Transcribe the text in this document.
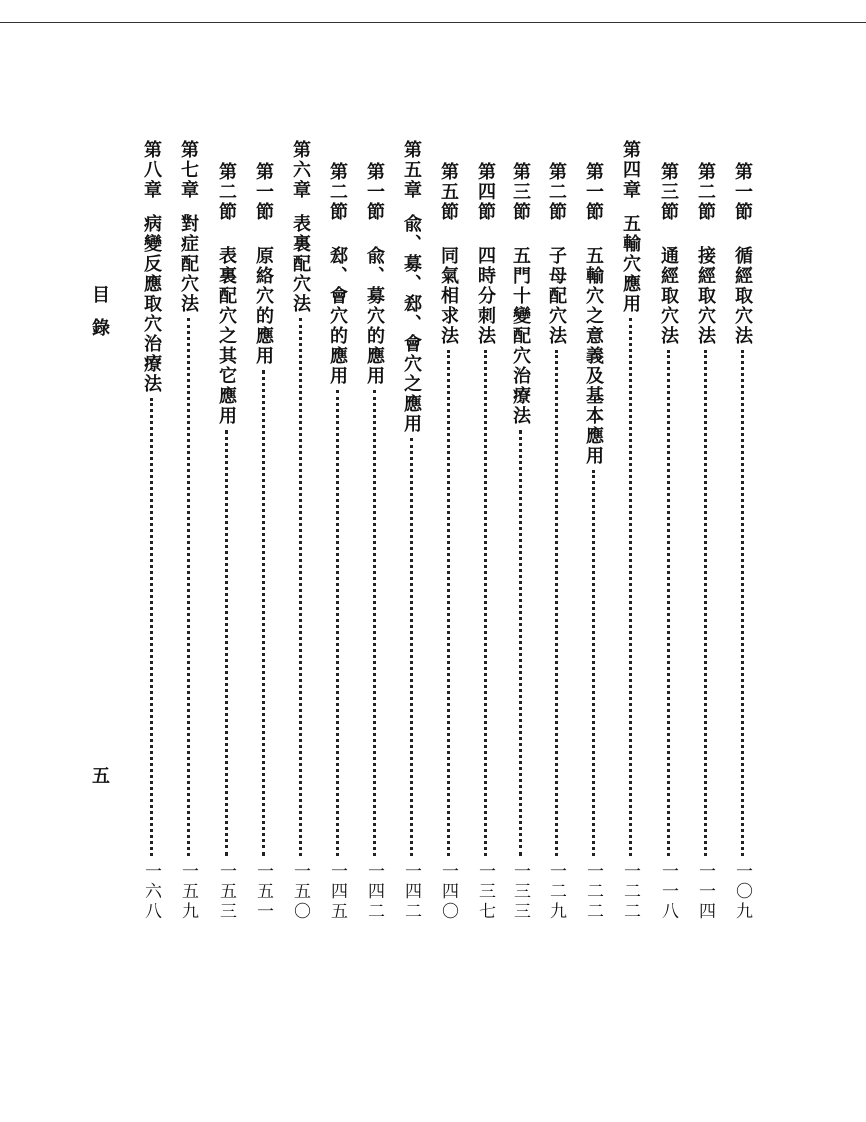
目
錄
五
第一節
循經取穴法
一〇九
第二節
接經取穴法
一一四
第三節
通經取穴法
一一八
第四章
五輸穴應用
一二二
第一節
五輸穴之意義及基本應用
一二二
第二節
子母配穴法
一二九
第三節
五門十變配穴治療法
一三三
第四節
四時分刺法
一三七
第五節
同氣相求法
一四〇
第五章
兪、募、郄、會穴之應用
一四二
第一節
兪、募穴的應用
一四二
第二節
郄、會穴的應用
一四五
第六章
表裏配穴法
一五〇
第一節
原絡穴的應用
一五一
第二節
表裏配穴之其它應用
一五三
第七章
對症配穴法
一五九
第八章
病變反應取穴治療法
一六八
